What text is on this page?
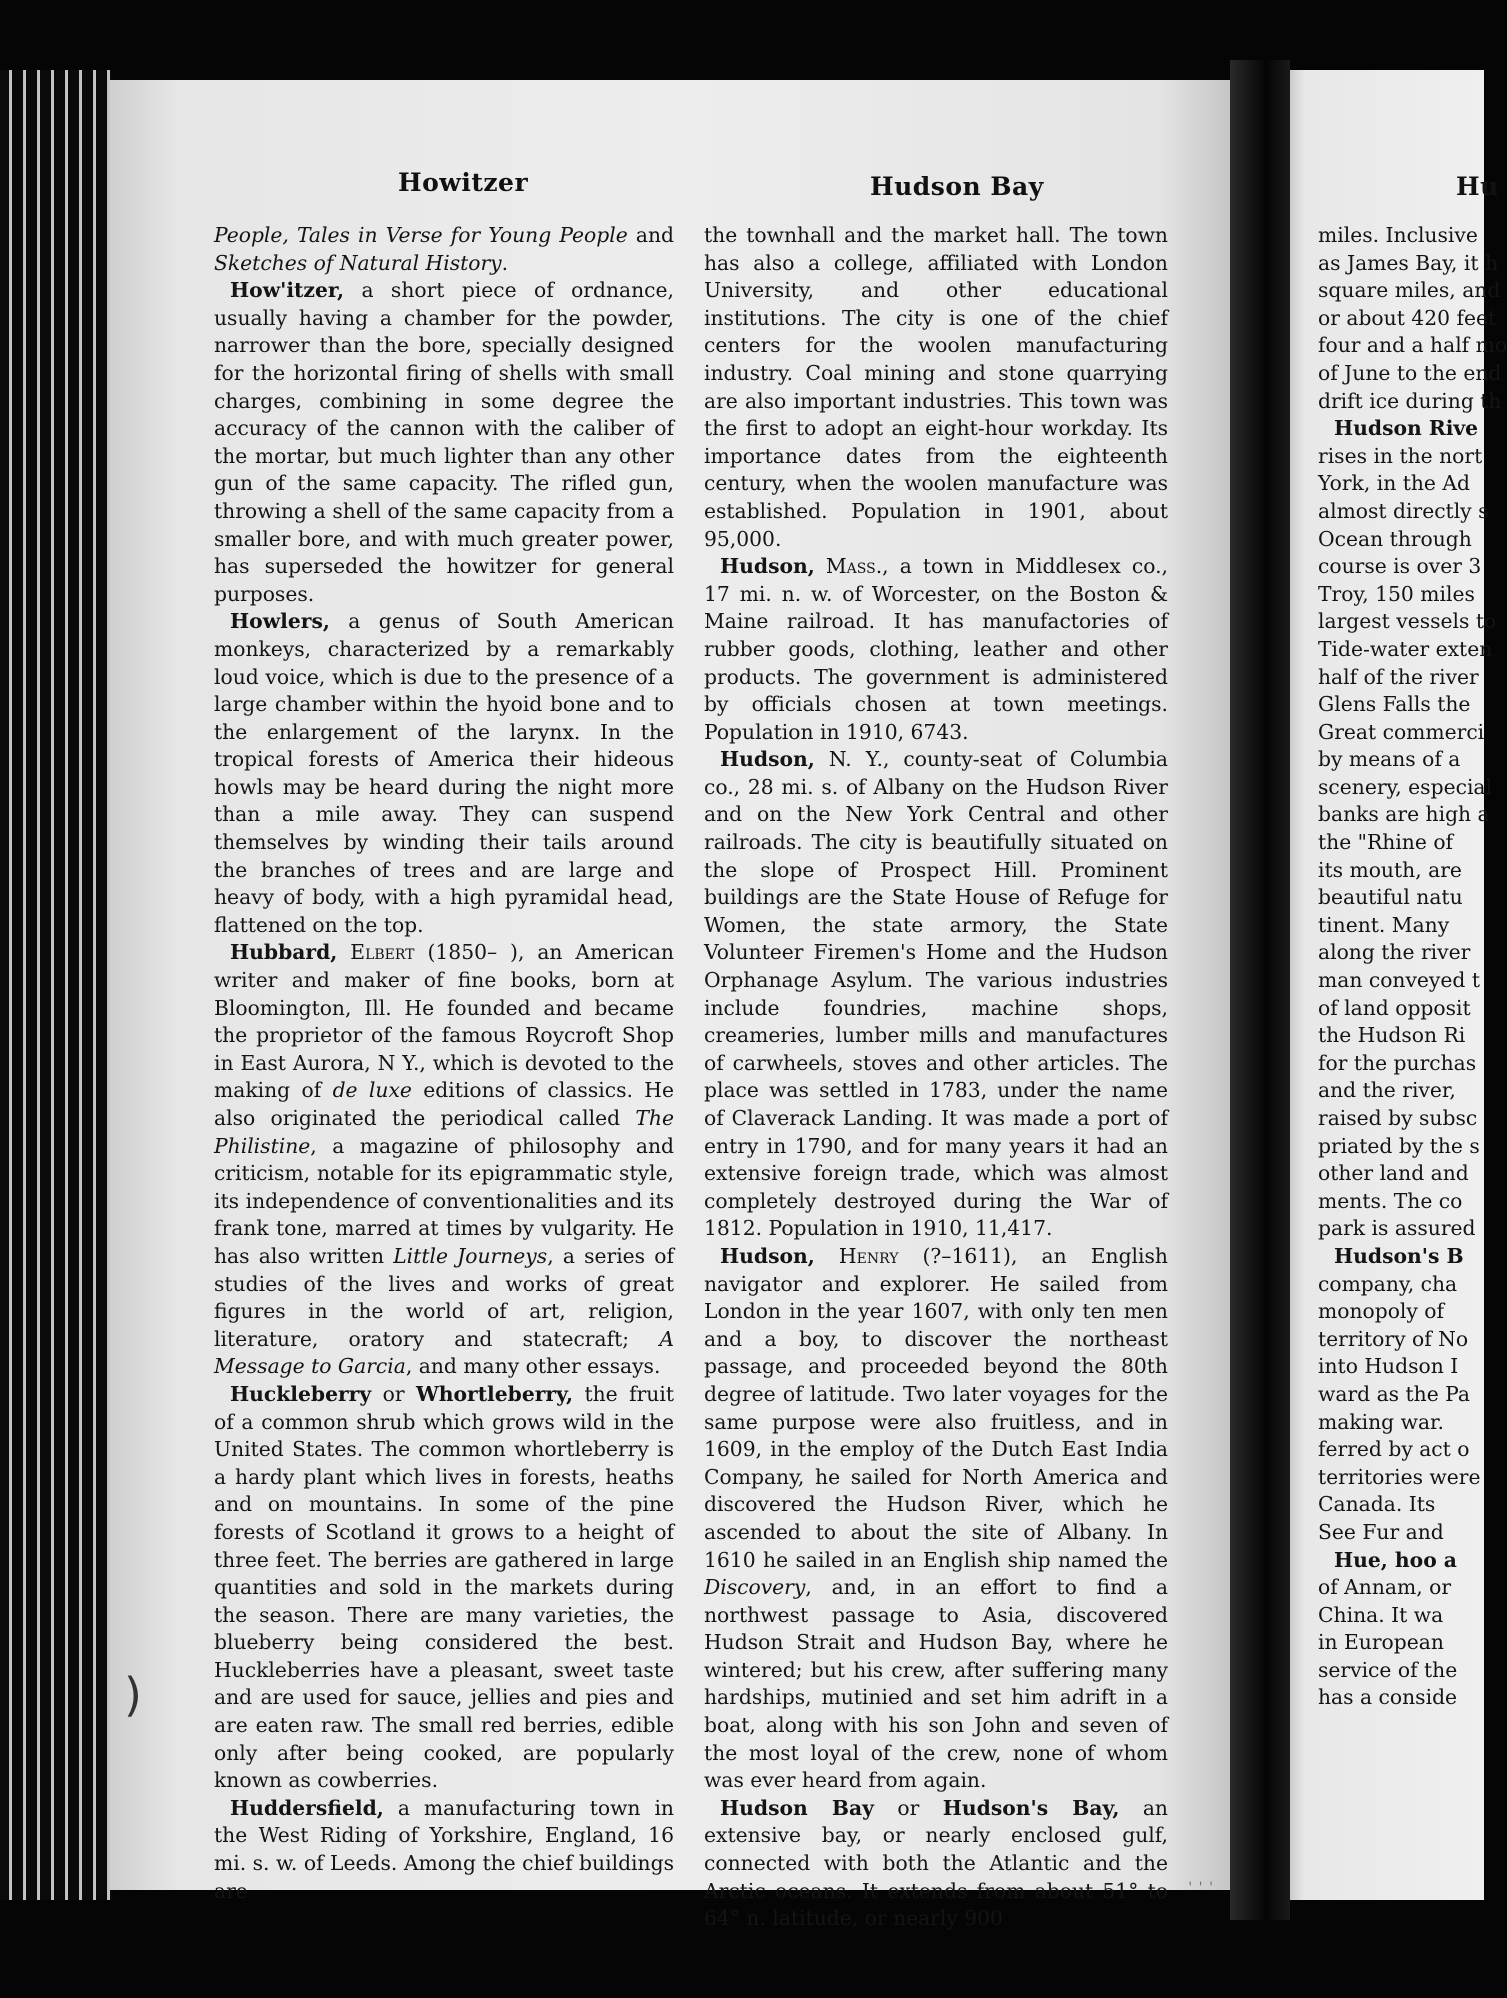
Howitzer	Hudson Bay	Hu

People, Tales in Verse for Young People and Sketches of Natural History.

How'itzer, a short piece of ordnance, usually having a chamber for the powder, narrower than the bore, specially designed for the horizontal firing of shells with small charges, combining in some degree the accuracy of the cannon with the caliber of the mortar, but much lighter than any other gun of the same capacity. The rifled gun, throwing a shell of the same capacity from a smaller bore, and with much greater power, has superseded the howitzer for general purposes.

Howlers, a genus of South American monkeys, characterized by a remarkably loud voice, which is due to the presence of a large chamber within the hyoid bone and to the enlargement of the larynx. In the tropical forests of America their hideous howls may be heard during the night more than a mile away. They can suspend themselves by winding their tails around the branches of trees and are large and heavy of body, with a high pyramidal head, flattened on the top.

Hubbard, Elbert (1850– ), an American writer and maker of fine books, born at Bloomington, Ill. He founded and became the proprietor of the famous Roycroft Shop in East Aurora, N Y., which is devoted to the making of de luxe editions of classics. He also originated the periodical called The Philistine, a magazine of philosophy and criticism, notable for its epigrammatic style, its independence of conventionalities and its frank tone, marred at times by vulgarity. He has also written Little Journeys, a series of studies of the lives and works of great figures in the world of art, religion, literature, oratory and statecraft; A Message to Garcia, and many other essays.

Huckleberry or Whortleberry, the fruit of a common shrub which grows wild in the United States. The common whortleberry is a hardy plant which lives in forests, heaths and on mountains. In some of the pine forests of Scotland it grows to a height of three feet. The berries are gathered in large quantities and sold in the markets during the season. There are many varieties, the blueberry being considered the best. Huckleberries have a pleasant, sweet taste and are used for sauce, jellies and pies and are eaten raw. The small red berries, edible only after being cooked, are popularly known as cowberries.

Huddersfield, a manufacturing town in the West Riding of Yorkshire, England, 16 mi. s. w. of Leeds. Among the chief buildings are

the townhall and the market hall. The town has also a college, affiliated with London University, and other educational institutions. The city is one of the chief centers for the woolen manufacturing industry. Coal mining and stone quarrying are also important industries. This town was the first to adopt an eight-hour workday. Its importance dates from the eighteenth century, when the woolen manufacture was established. Population in 1901, about 95,000.

Hudson, Mass., a town in Middlesex co., 17 mi. n. w. of Worcester, on the Boston & Maine railroad. It has manufactories of rubber goods, clothing, leather and other products. The government is administered by officials chosen at town meetings. Population in 1910, 6743.

Hudson, N. Y., county-seat of Columbia co., 28 mi. s. of Albany on the Hudson River and on the New York Central and other railroads. The city is beautifully situated on the slope of Prospect Hill. Prominent buildings are the State House of Refuge for Women, the state armory, the State Volunteer Firemen's Home and the Hudson Orphanage Asylum. The various industries include foundries, machine shops, creameries, lumber mills and manufactures of carwheels, stoves and other articles. The place was settled in 1783, under the name of Claverack Landing. It was made a port of entry in 1790, and for many years it had an extensive foreign trade, which was almost completely destroyed during the War of 1812. Population in 1910, 11,417.

Hudson, Henry (?–1611), an English navigator and explorer. He sailed from London in the year 1607, with only ten men and a boy, to discover the northeast passage, and proceeded beyond the 80th degree of latitude. Two later voyages for the same purpose were also fruitless, and in 1609, in the employ of the Dutch East India Company, he sailed for North America and discovered the Hudson River, which he ascended to about the site of Albany. In 1610 he sailed in an English ship named the Discovery, and, in an effort to find a northwest passage to Asia, discovered Hudson Strait and Hudson Bay, where he wintered; but his crew, after suffering many hardships, mutinied and set him adrift in a boat, along with his son John and seven of the most loyal of the crew, none of whom was ever heard from again.

Hudson Bay or Hudson's Bay, an extensive bay, or nearly enclosed gulf, connected with both the Atlantic and the Arctic oceans. It extends from about 51° to 64° n. latitude, or nearly 900

miles. Inclusive
as James Bay, it h
square miles, and
or about 420 feet
four and a half mo
of June to the end
drift ice during th
Hudson Rive
rises in the nort
York, in the Ad
almost directly s
Ocean through
course is over 3
Troy, 150 miles
largest vessels to
Tide-water exten
half of the river
Glens Falls the
Great commerci
by means of a
scenery, especial
banks are high a
the "Rhine of
its mouth, are
beautiful natu
tinent. Many
along the river
man conveyed t
of land opposit
the Hudson Ri
for the purchas
and the river,
raised by subsc
priated by the s
other land and
ments. The co
park is assured
Hudson's B
company, cha
monopoly of
territory of No
into Hudson I
ward as the Pa
making war.
ferred by act o
territories were
Canada. Its
See Fur and
Hue, hoo a
of Annam, or
China. It wa
in European
service of the
has a conside
)
'''
